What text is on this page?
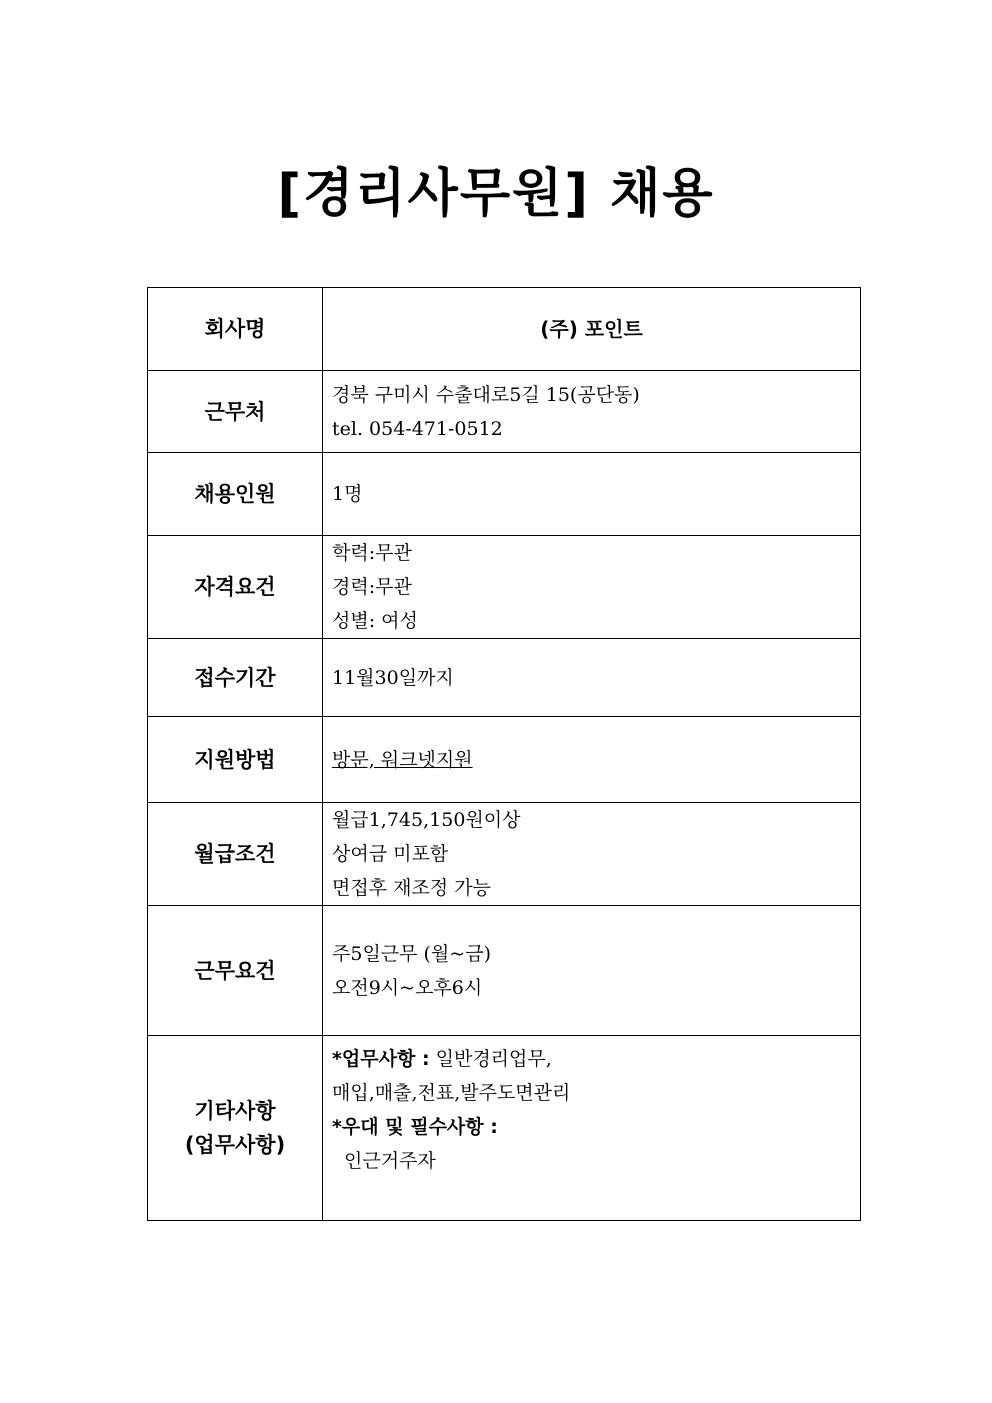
[경리사무원] 채용
회사명	(주) 포인트
근무처	경북 구미시 수출대로5길 15(공단동)
tel. 054-471-0512

채용인원	1명
자격요건	학력:무관
경력:무관
성별: 여성

접수기간	11월30일까지
지원방법	방문, 워크넷지원
월급조건	월급1,745,150원이상
상여금 미포함
면접후 재조정 가능

근무요건	주5일근무 (월~금)
오전9시~오후6시

기타사항
(업무사항)	*업무사항 : 일반경리업무,
매입,매출,전표,발주도면관리
*우대 및 필수사항 :
인근거주자
